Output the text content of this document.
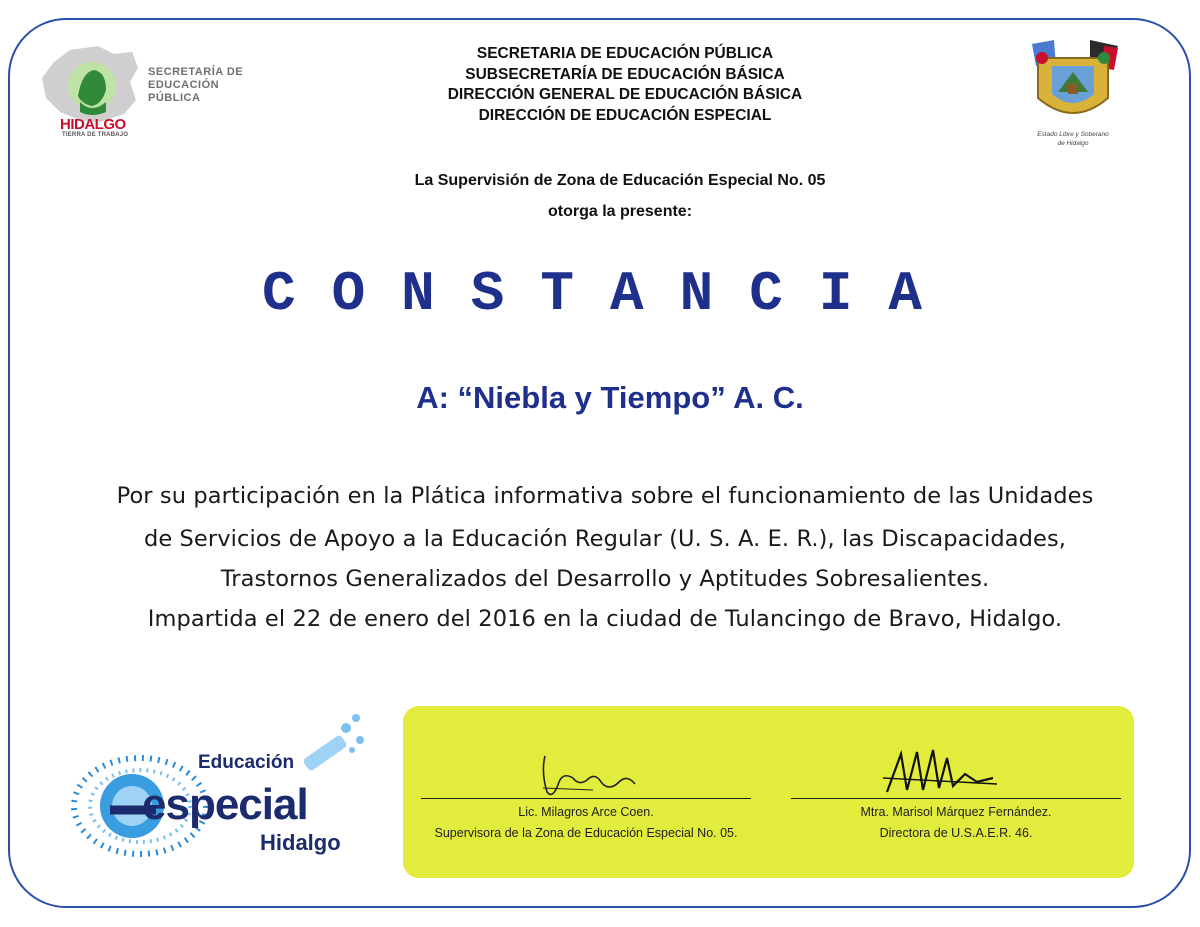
SECRETARÍA DE
EDUCACIÓN
PÚBLICA
HIDALGO
TIERRA DE TRABAJO
SECRETARIA DE EDUCACIÓN PÚBLICA
SUBSECRETARÍA DE EDUCACIÓN BÁSICA
DIRECCIÓN GENERAL DE EDUCACIÓN BÁSICA
DIRECCIÓN DE EDUCACIÓN ESPECIAL
Estado Libre y Soberano
de Hidalgo
La Supervisión de Zona de Educación Especial No. 05
otorga la presente:
CONSTANCIA
A: “Niebla y Tiempo” A. C.
Por su participación en la Plática informativa sobre el funcionamiento de las Unidades
de Servicios de Apoyo a la Educación Regular (U. S. A. E. R.), las Discapacidades,
Trastornos Generalizados del Desarrollo y Aptitudes Sobresalientes.
Impartida el 22 de enero del 2016 en la ciudad de Tulancingo de Bravo, Hidalgo.
Educación
especial
Hidalgo
Lic. Milagros Arce Coen.
Supervisora de la Zona de Educación Especial No. 05.
Mtra. Marisol Márquez Fernández.
Directora de U.S.A.E.R. 46.
